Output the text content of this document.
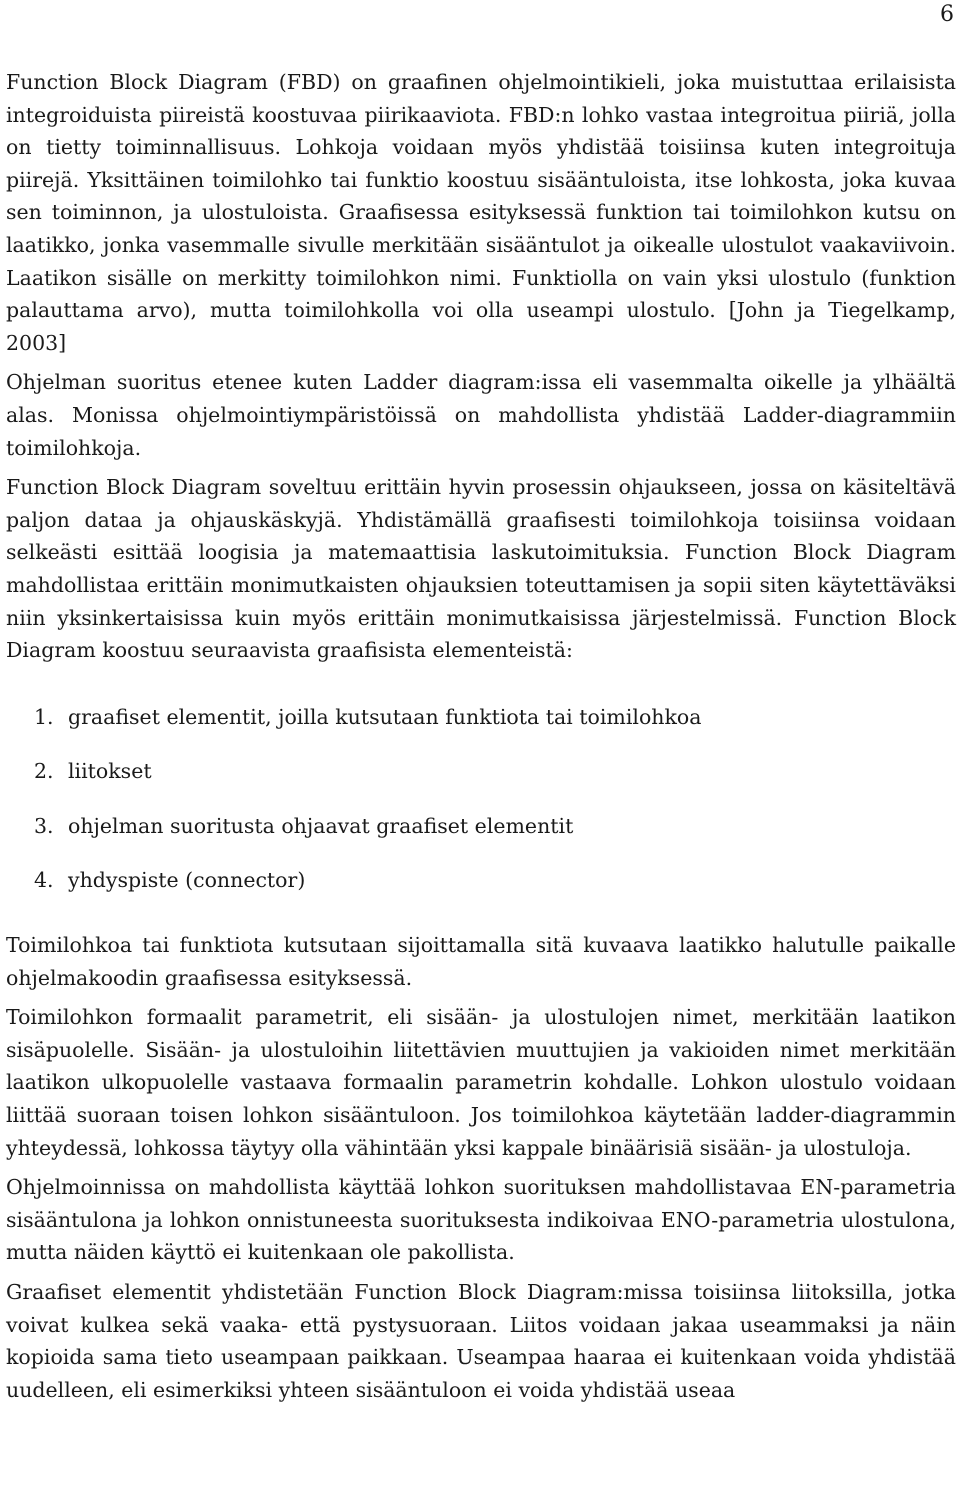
6

Function Block Diagram (FBD) on graafinen ohjelmointikieli, joka muistuttaa erilaisista integroiduista piireistä koostuvaa piirikaaviota. FBD:n lohko vastaa integroitua piiriä, jolla on tietty toiminnallisuus. Lohkoja voidaan myös yhdistää toisiinsa kuten integroituja piirejä. Yksittäinen toimilohko tai funktio koostuu sisääntuloista, itse lohkosta, joka kuvaa sen toiminnon, ja ulostuloista. Graafisessa esityksessä funktion tai toimilohkon kutsu on laatikko, jonka vasemmalle sivulle merkitään sisääntulot ja oikealle ulostulot vaakaviivoin. Laatikon sisälle on merkitty toimilohkon nimi. Funktiolla on vain yksi ulostulo (funktion palauttama arvo), mutta toimilohkolla voi olla useampi ulostulo. [John ja Tiegelkamp, 2003]

Ohjelman suoritus etenee kuten Ladder diagram:issa eli vasemmalta oikelle ja ylhäältä alas. Monissa ohjelmointiympäristöissä on mahdollista yhdistää Ladder-diagrammiin toimilohkoja.

Function Block Diagram soveltuu erittäin hyvin prosessin ohjaukseen, jossa on käsiteltävä paljon dataa ja ohjauskäskyjä. Yhdistämällä graafisesti toimilohkoja toisiinsa voidaan selkeästi esittää loogisia ja matemaattisia laskutoimituksia. Function Block Diagram mahdollistaa erittäin monimutkaisten ohjauksien toteuttamisen ja sopii siten käytettäväksi niin yksinkertaisissa kuin myös erittäin monimutkaisissa järjestelmissä. Function Block Diagram koostuu seuraavista graafisista elementeistä:

1. graafiset elementit, joilla kutsutaan funktiota tai toimilohkoa
2. liitokset
3. ohjelman suoritusta ohjaavat graafiset elementit
4. yhdyspiste (connector)

Toimilohkoa tai funktiota kutsutaan sijoittamalla sitä kuvaava laatikko halutulle paikalle ohjelmakoodin graafisessa esityksessä.

Toimilohkon formaalit parametrit, eli sisään- ja ulostulojen nimet, merkitään laatikon sisäpuolelle. Sisään- ja ulostuloihin liitettävien muuttujien ja vakioiden nimet merkitään laatikon ulkopuolelle vastaava formaalin parametrin kohdalle. Lohkon ulostulo voidaan liittää suoraan toisen lohkon sisääntuloon. Jos toimilohkoa käytetään ladder-diagrammin yhteydessä, lohkossa täytyy olla vähintään yksi kappale binäärisiä sisään- ja ulostuloja.

Ohjelmoinnissa on mahdollista käyttää lohkon suorituksen mahdollistavaa EN-parametria sisääntulona ja lohkon onnistuneesta suorituksesta indikoivaa ENO-parametria ulostulona, mutta näiden käyttö ei kuitenkaan ole pakollista.

Graafiset elementit yhdistetään Function Block Diagram:missa toisiinsa liitoksilla, jotka voivat kulkea sekä vaaka- että pystysuoraan. Liitos voidaan jakaa useammaksi ja näin kopioida sama tieto useampaan paikkaan. Useampaa haaraa ei kuitenkaan voida yhdistää uudelleen, eli esimerkiksi yhteen sisääntuloon ei voida yhdistää useaa
